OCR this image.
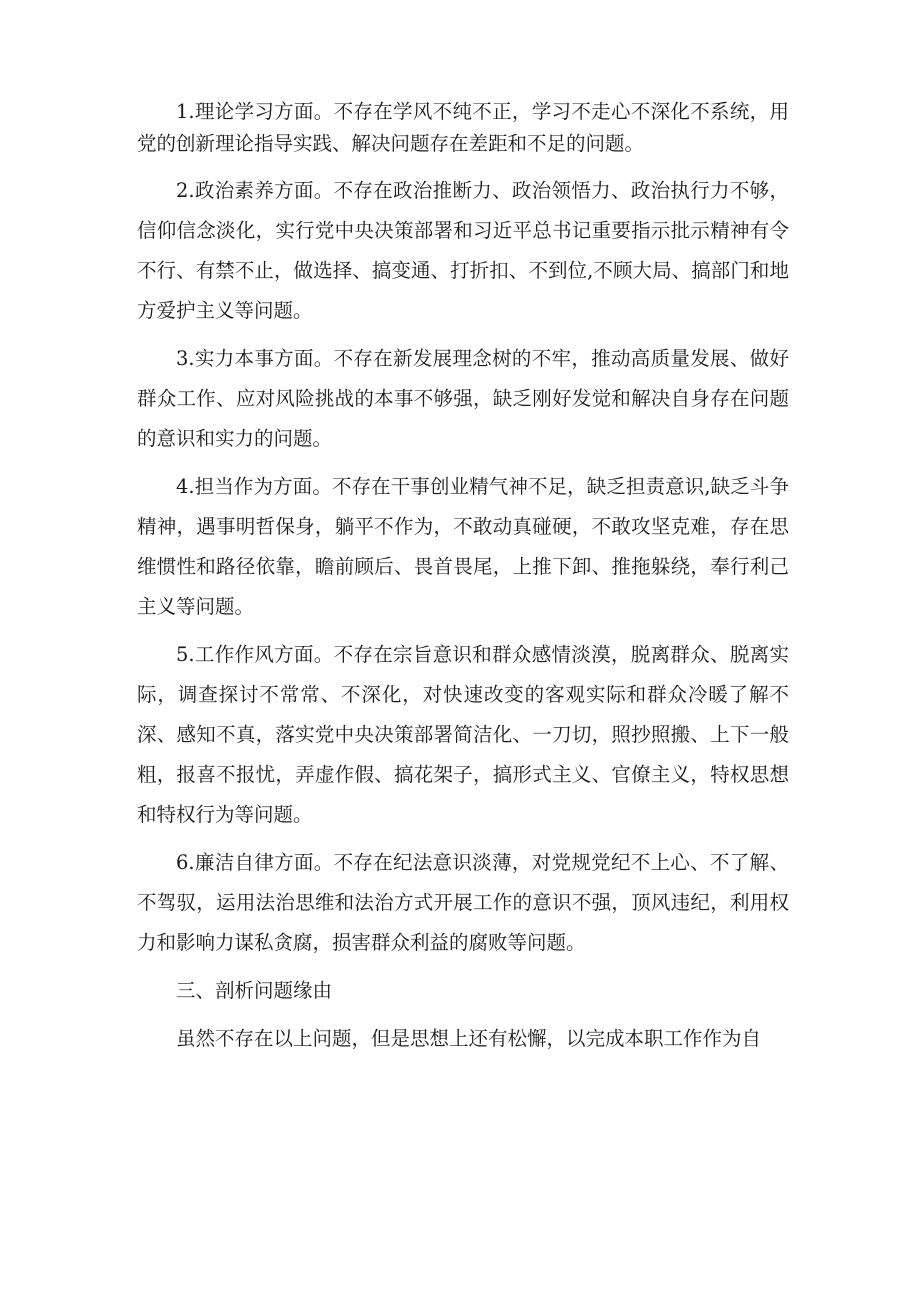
1.理论学习方面。不存在学风不纯不正，学习不走心不深化不系统，用党的创新理论指导实践、解决问题存在差距和不足的问题。

2.政治素养方面。不存在政治推断力、政治领悟力、政治执行力不够，信仰信念淡化，实行党中央决策部署和习近平总书记重要指示批示精神有令不行、有禁不止，做选择、搞变通、打折扣、不到位,不顾大局、搞部门和地方爱护主义等问题。

3.实力本事方面。不存在新发展理念树的不牢，推动高质量发展、做好群众工作、应对风险挑战的本事不够强，缺乏刚好发觉和解决自身存在问题的意识和实力的问题。

4.担当作为方面。不存在干事创业精气神不足，缺乏担责意识,缺乏斗争精神，遇事明哲保身，躺平不作为，不敢动真碰硬，不敢攻坚克难，存在思维惯性和路径依靠，瞻前顾后、畏首畏尾，上推下卸、推拖躲绕，奉行利己主义等问题。

5.工作作风方面。不存在宗旨意识和群众感情淡漠，脱离群众、脱离实际，调查探讨不常常、不深化，对快速改变的客观实际和群众冷暖了解不深、感知不真，落实党中央决策部署简洁化、一刀切，照抄照搬、上下一般粗，报喜不报忧，弄虚作假、搞花架子，搞形式主义、官僚主义，特权思想和特权行为等问题。

6.廉洁自律方面。不存在纪法意识淡薄，对党规党纪不上心、不了解、不驾驭，运用法治思维和法治方式开展工作的意识不强，顶风违纪，利用权力和影响力谋私贪腐，损害群众利益的腐败等问题。

三、剖析问题缘由

虽然不存在以上问题，但是思想上还有松懈，以完成本职工作作为自
